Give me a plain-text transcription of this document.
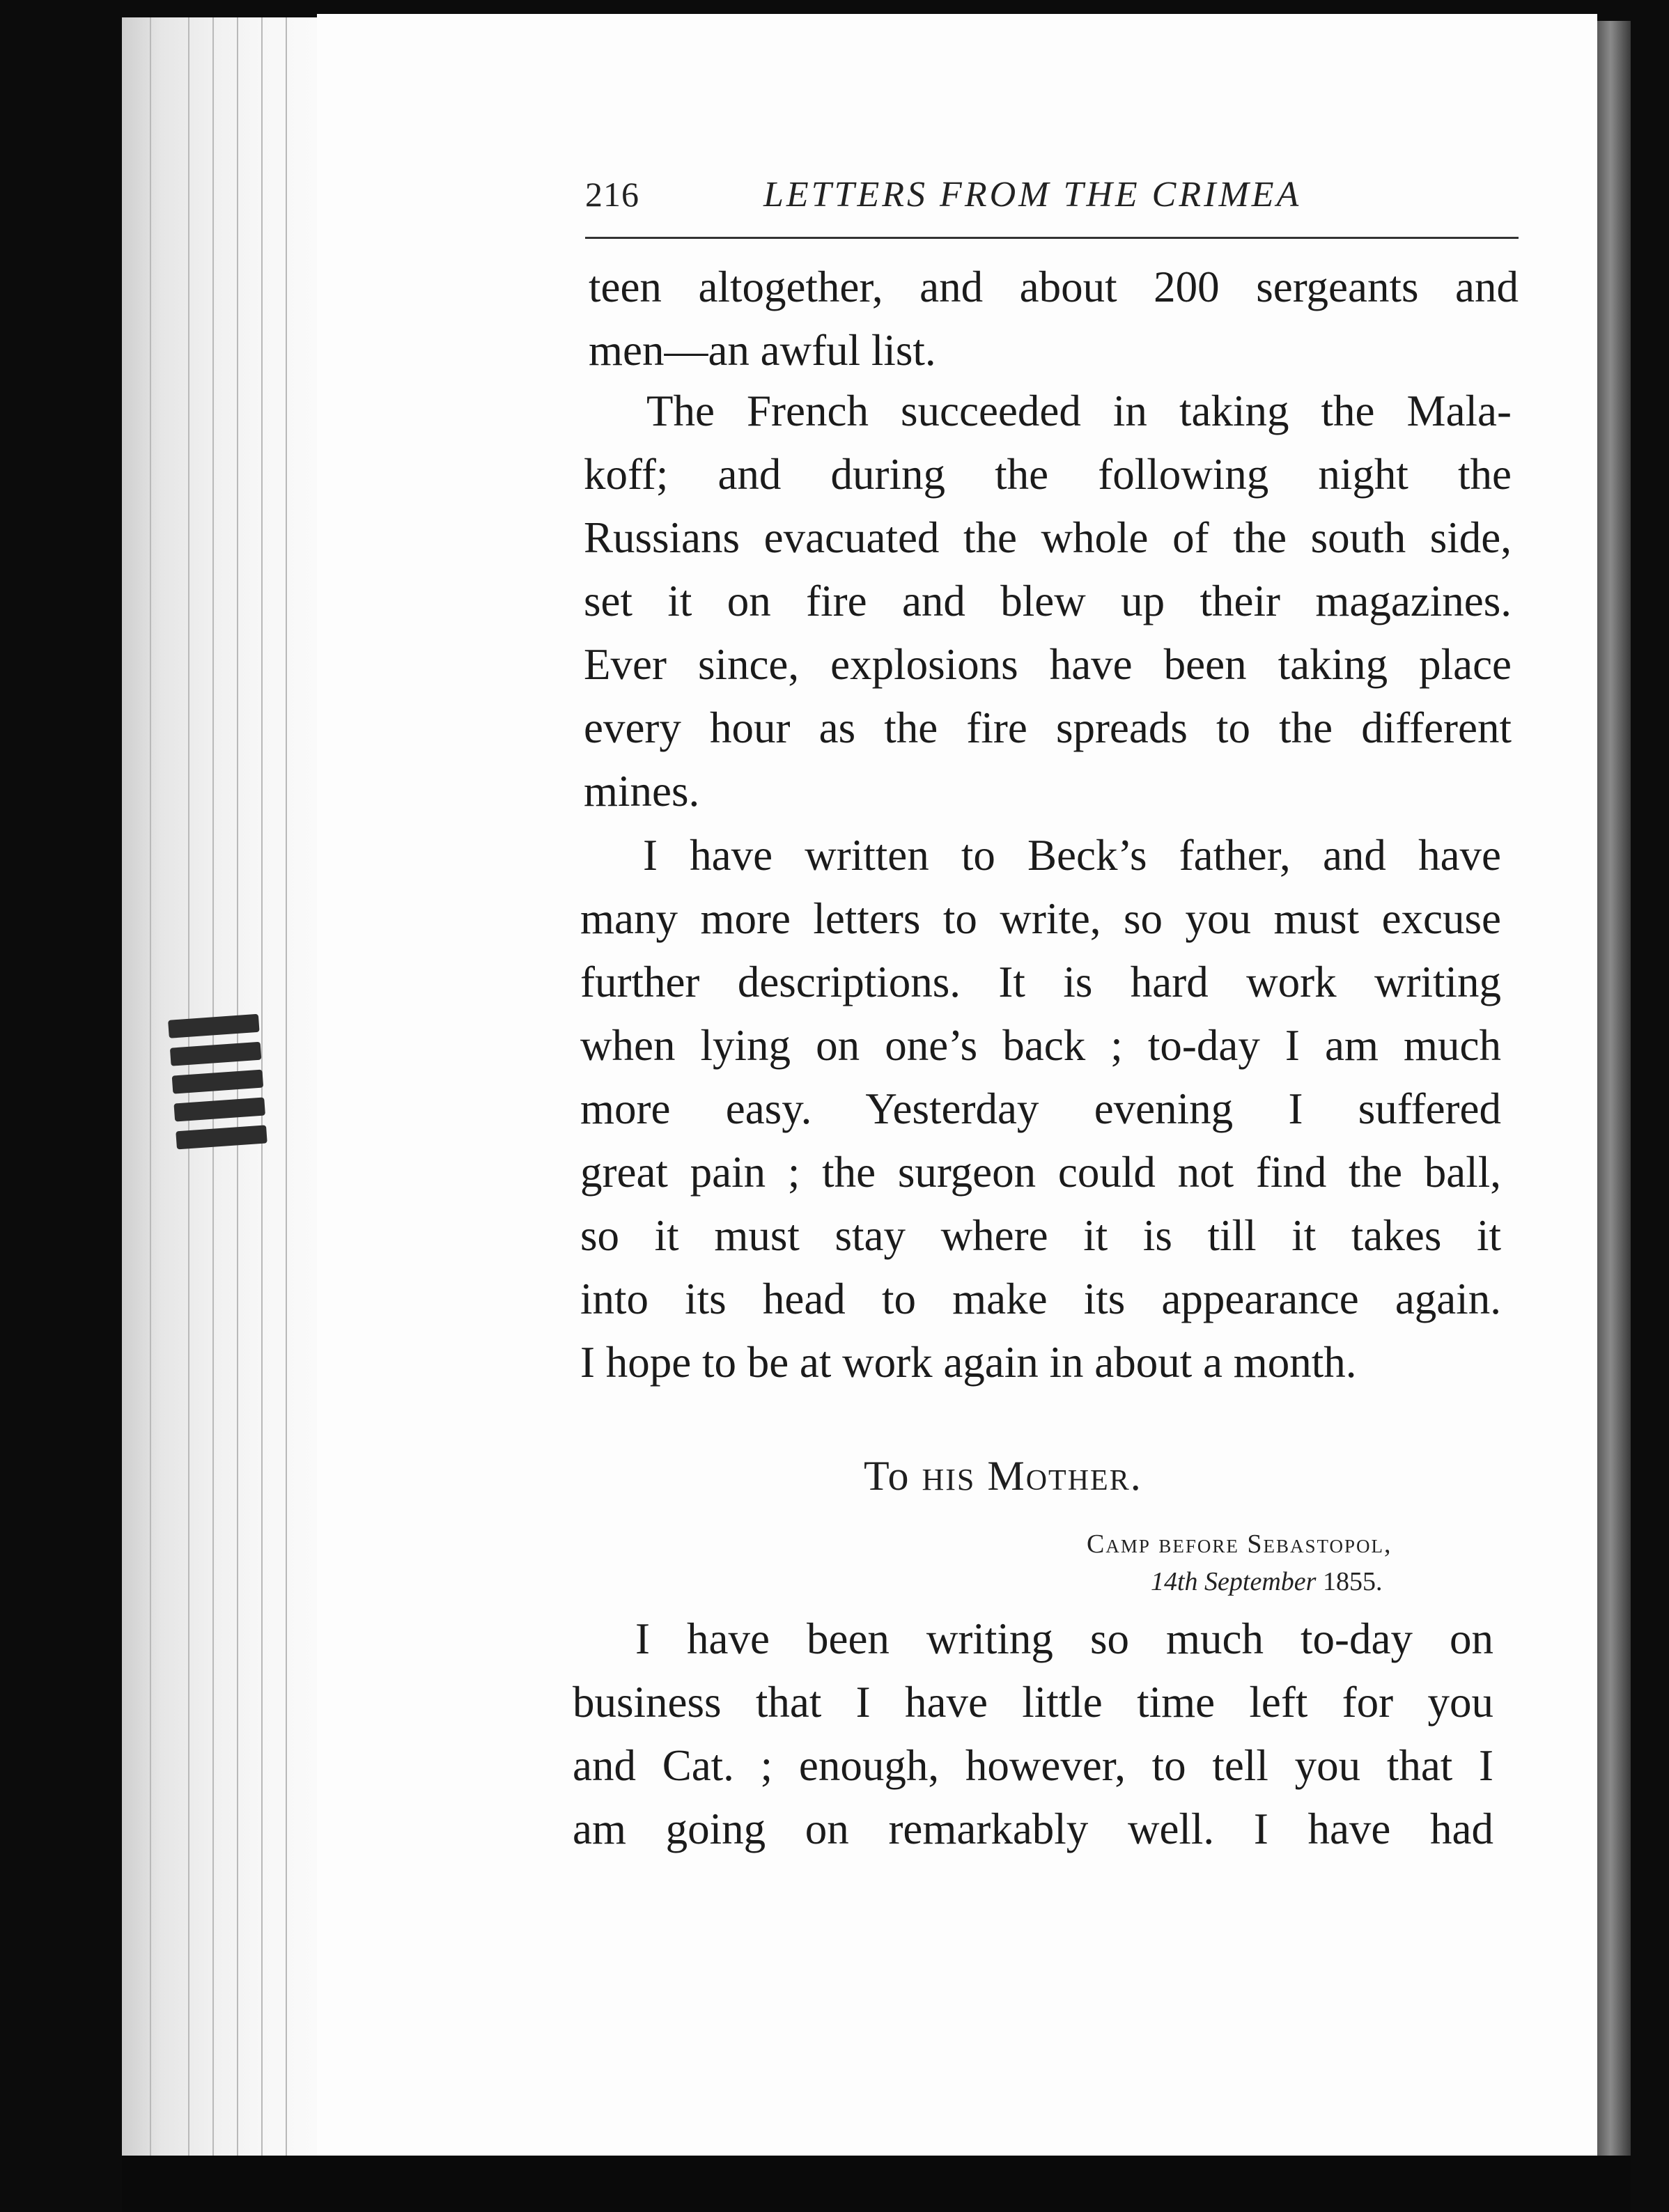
216	LETTERS FROM THE CRIMEA
teen altogether, and about 200 sergeants and
men—an awful list.
The French succeeded in taking the Mala-
koff; and during the following night the
Russians evacuated the whole of the south side,
set it on fire and blew up their magazines.
Ever since, explosions have been taking place
every hour as the fire spreads to the different
mines.
I have written to Beck’s father, and have
many more letters to write, so you must excuse
further descriptions. It is hard work writing
when lying on one’s back ; to-day I am much
more easy. Yesterday evening I suffered
great pain ; the surgeon could not find the ball,
so it must stay where it is till it takes it
into its head to make its appearance again.
I hope to be at work again in about a month.
To HIS Mother.
Camp before Sebastopol,
14th September 1855.
I have been writing so much to-day on
business that I have little time left for you
and Cat. ; enough, however, to tell you that I
am going on remarkably well. I have had
